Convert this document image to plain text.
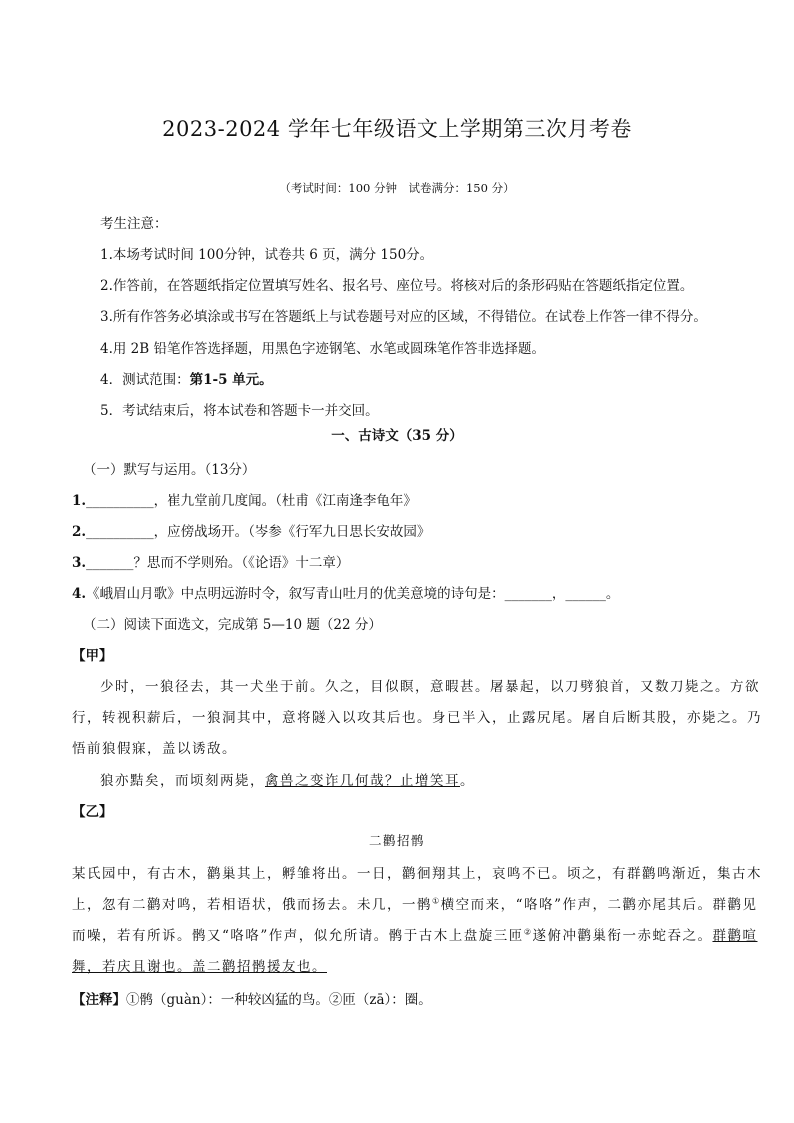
2023-2024 学年七年级语文上学期第三次月考卷
（考试时间：100 分钟　试卷满分：150 分）
考生注意：
1.本场考试时间 100分钟，试卷共 6 页，满分 150分。
2.作答前，在答题纸指定位置填写姓名、报名号、座位号。将核对后的条形码贴在答题纸指定位置。
3.所有作答务必填涂或书写在答题纸上与试卷题号对应的区域，不得错位。在试卷上作答一律不得分。
4.用 2B 铅笔作答选择题，用黑色字迹钢笔、水笔或圆珠笔作答非选择题。
4．测试范围：第1-5 单元。
5．考试结束后，将本试卷和答题卡一并交回。
一、古诗文（35 分）
（一）默写与运用。（13分）
1.__________，崔九堂前几度闻。（杜甫《江南逢李龟年》
2.__________，应傍战场开。（岑参《行军九日思长安故园》
3._______？思而不学则殆。（《论语》十二章）
4.《峨眉山月歌》中点明远游时令，叙写青山吐月的优美意境的诗句是：_______，______。
（二）阅读下面选文，完成第 5—10 题（22 分）
【甲】
少时，一狼径去，其一犬坐于前。久之，目似瞑，意暇甚。屠暴起，以刀劈狼首，又数刀毙之。方欲
行，转视积薪后，一狼洞其中，意将隧入以攻其后也。身已半入，止露尻尾。屠自后断其股，亦毙之。乃
悟前狼假寐，盖以诱敌。
狼亦黠矣，而顷刻两毙，禽兽之变诈几何哉？止增笑耳。
【乙】
二鹳招鹘
某氏园中，有古木，鹳巢其上，孵雏将出。一日，鹳徊翔其上，哀鸣不已。顷之，有群鹳鸣渐近，集古木
上，忽有二鹳对鸣，若相语状，俄而扬去。未几，一鹘①横空而来，“咯咯”作声，二鹳亦尾其后。群鹳见
而噪，若有所诉。鹘又“咯咯”作声，似允所请。鹘于古木上盘旋三匝②遂俯冲鹳巢衔一赤蛇吞之。群鹳喧
舞，若庆且谢也。盖二鹳招鹘援友也。
【注释】①鹘（guàn）：一种较凶猛的鸟。②匝（zā）：圈。
